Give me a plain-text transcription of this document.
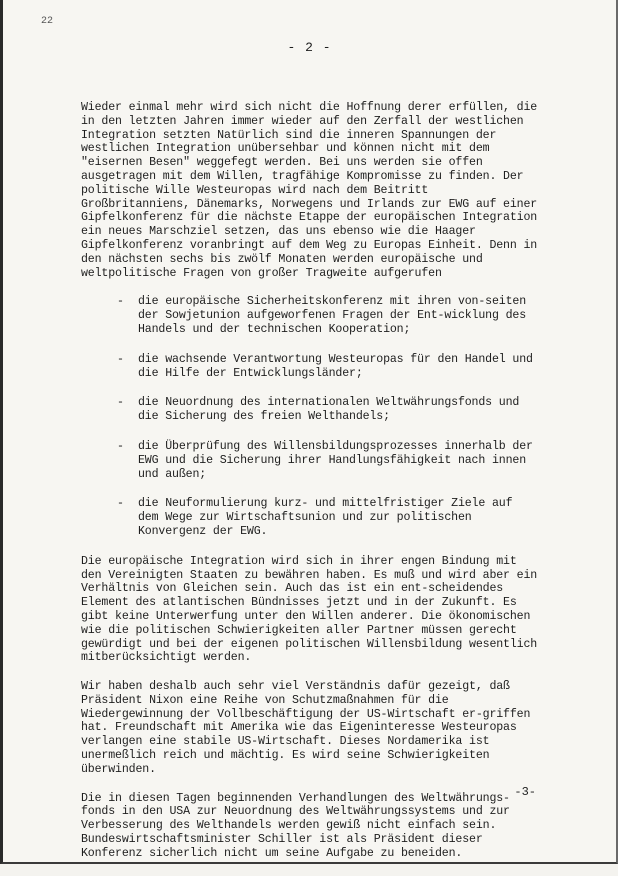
22
- 2 -

Wieder einmal mehr wird sich nicht die Hoffnung derer erfüllen, die in den letzten Jahren immer wieder auf den Zerfall der westlichen Integration setzten Natürlich sind die inneren Spannungen der westlichen Integration unübersehbar und können nicht mit dem "eisernen Besen" weggefegt werden. Bei uns werden sie offen ausgetragen mit dem Willen, tragfähige Kompromisse zu finden. Der politische Wille Westeuropas wird nach dem Beitritt Großbritanniens, Dänemarks, Norwegens und Irlands zur EWG auf einer Gipfelkonferenz für die nächste Etappe der europäischen Integration ein neues Marschziel setzen, das uns ebenso wie die Haager Gipfelkonferenz voranbringt auf dem Weg zu Europas Einheit. Denn in den nächsten sechs bis zwölf Monaten werden europäische und weltpolitische Fragen von großer Tragweite aufgerufen

-	die europäische Sicherheitskonferenz mit ihren von-seiten der Sowjetunion aufgeworfenen Fragen der Ent-wicklung des Handels und der technischen Kooperation;
-	die wachsende Verantwortung Westeuropas für den Handel und die Hilfe der Entwicklungsländer;
-	die Neuordnung des internationalen Weltwährungsfonds und die Sicherung des freien Welthandels;
-	die Überprüfung des Willensbildungsprozesses innerhalb der EWG und die Sicherung ihrer Handlungsfähigkeit nach innen und außen;
-	die Neuformulierung kurz- und mittelfristiger Ziele auf dem Wege zur Wirtschaftsunion und zur politischen Konvergenz der EWG.

Die europäische Integration wird sich in ihrer engen Bindung mit den Vereinigten Staaten zu bewähren haben. Es muß und wird aber ein Verhältnis von Gleichen sein. Auch das ist ein ent-scheidendes Element des atlantischen Bündnisses jetzt und in der Zukunft. Es gibt keine Unterwerfung unter den Willen anderer. Die ökonomischen wie die politischen Schwierigkeiten aller Partner müssen gerecht gewürdigt und bei der eigenen politischen Willensbildung wesentlich mitberücksichtigt werden.

Wir haben deshalb auch sehr viel Verständnis dafür gezeigt, daß Präsident Nixon eine Reihe von Schutzmaßnahmen für die Wiedergewinnung der Vollbeschäftigung der US-Wirtschaft er-griffen hat. Freundschaft mit Amerika wie das Eigeninteresse Westeuropas verlangen eine stabile US-Wirtschaft. Dieses Nordamerika ist unermeßlich reich und mächtig. Es wird seine Schwierigkeiten überwinden.

Die in diesen Tagen beginnenden Verhandlungen des Weltwährungs-fonds in den USA zur Neuordnung des Weltwährungssystems und zur Verbesserung des Welthandels werden gewiß nicht einfach sein. Bundeswirtschaftsminister Schiller ist als Präsident dieser Konferenz sicherlich nicht um seine Aufgabe zu beneiden.

-3-
